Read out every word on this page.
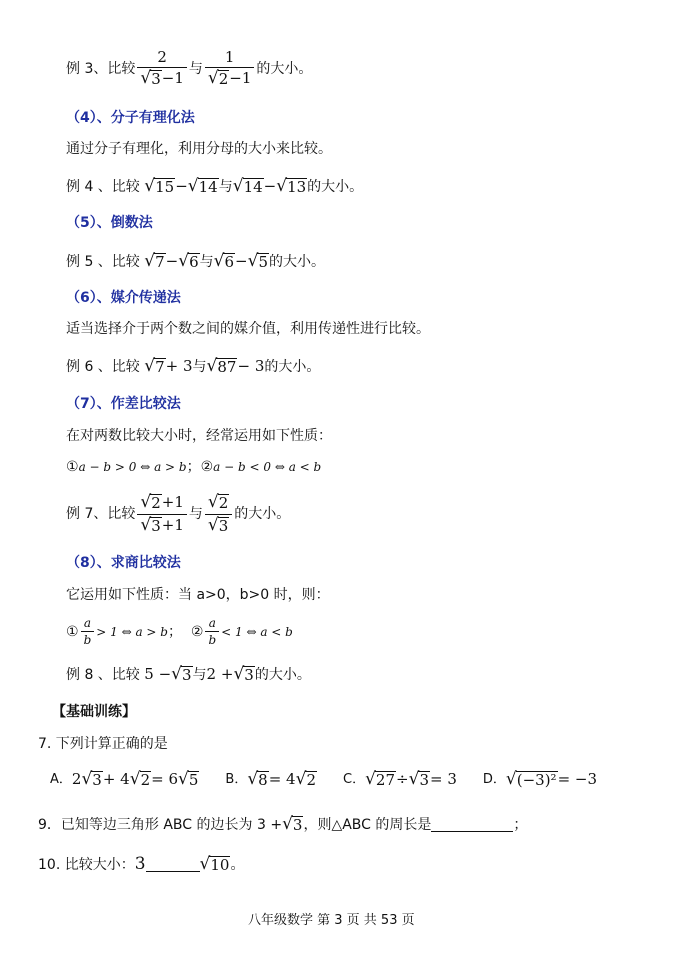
例 3、比较 $\frac{2}{√ 3 -1}$ 与 $\frac{1}{√ 2 -1}$ 的大小。
（4）、分子有理化法
通过分子有理化，利用分母的大小来比较。
例 4 、比较
√ 15 − √ 14 与 √ 14 − √ 13 的大小。
（5）、倒数法
例 5 、比较
√ 7 − √ 6 与 √ 6 − √ 5 的大小。
（6）、媒介传递法
适当选择介于两个数之间的媒介值，利用传递性进行比较。
例 6 、比较
√ 7 + 3 与 √ 87 − 3 的大小。
（7）、作差比较法
在对两数比较大小时，经常运用如下性质：
① a − b > 0 ⇔ a > b ； ② a − b < 0 ⇔ a < b
例 7、比较 $\frac{√ 2 +1}{√ 3 +1}$ 与 $\frac{√ 2}{√ 3}$ 的大小。
（8）、求商比较法
它运用如下性质：当 a>0，b>0 时，则：
① $\frac{a}{b} > 1$ ⇔ a > b ；
② $\frac{a}{b} < 1$ ⇔ a < b
例 8 、比较
5 − √ 3 与 2 + √ 3 的大小。
【基础训练】
7. 下列计算正确的是
A． 2 √ 3 + 4 √ 2 = 6 √ 5 B． √ 8 = 4 √ 2 C． √ 27 ÷ √ 3 = 3 D． √ (−3)² = −3
9．已知等边三角形 ABC 的边长为 3 + √ 3 ，则△ABC 的周长是	；
10. 比较大小： 3	√ 10 。
八年级数学 第 3 页 共 53 页
